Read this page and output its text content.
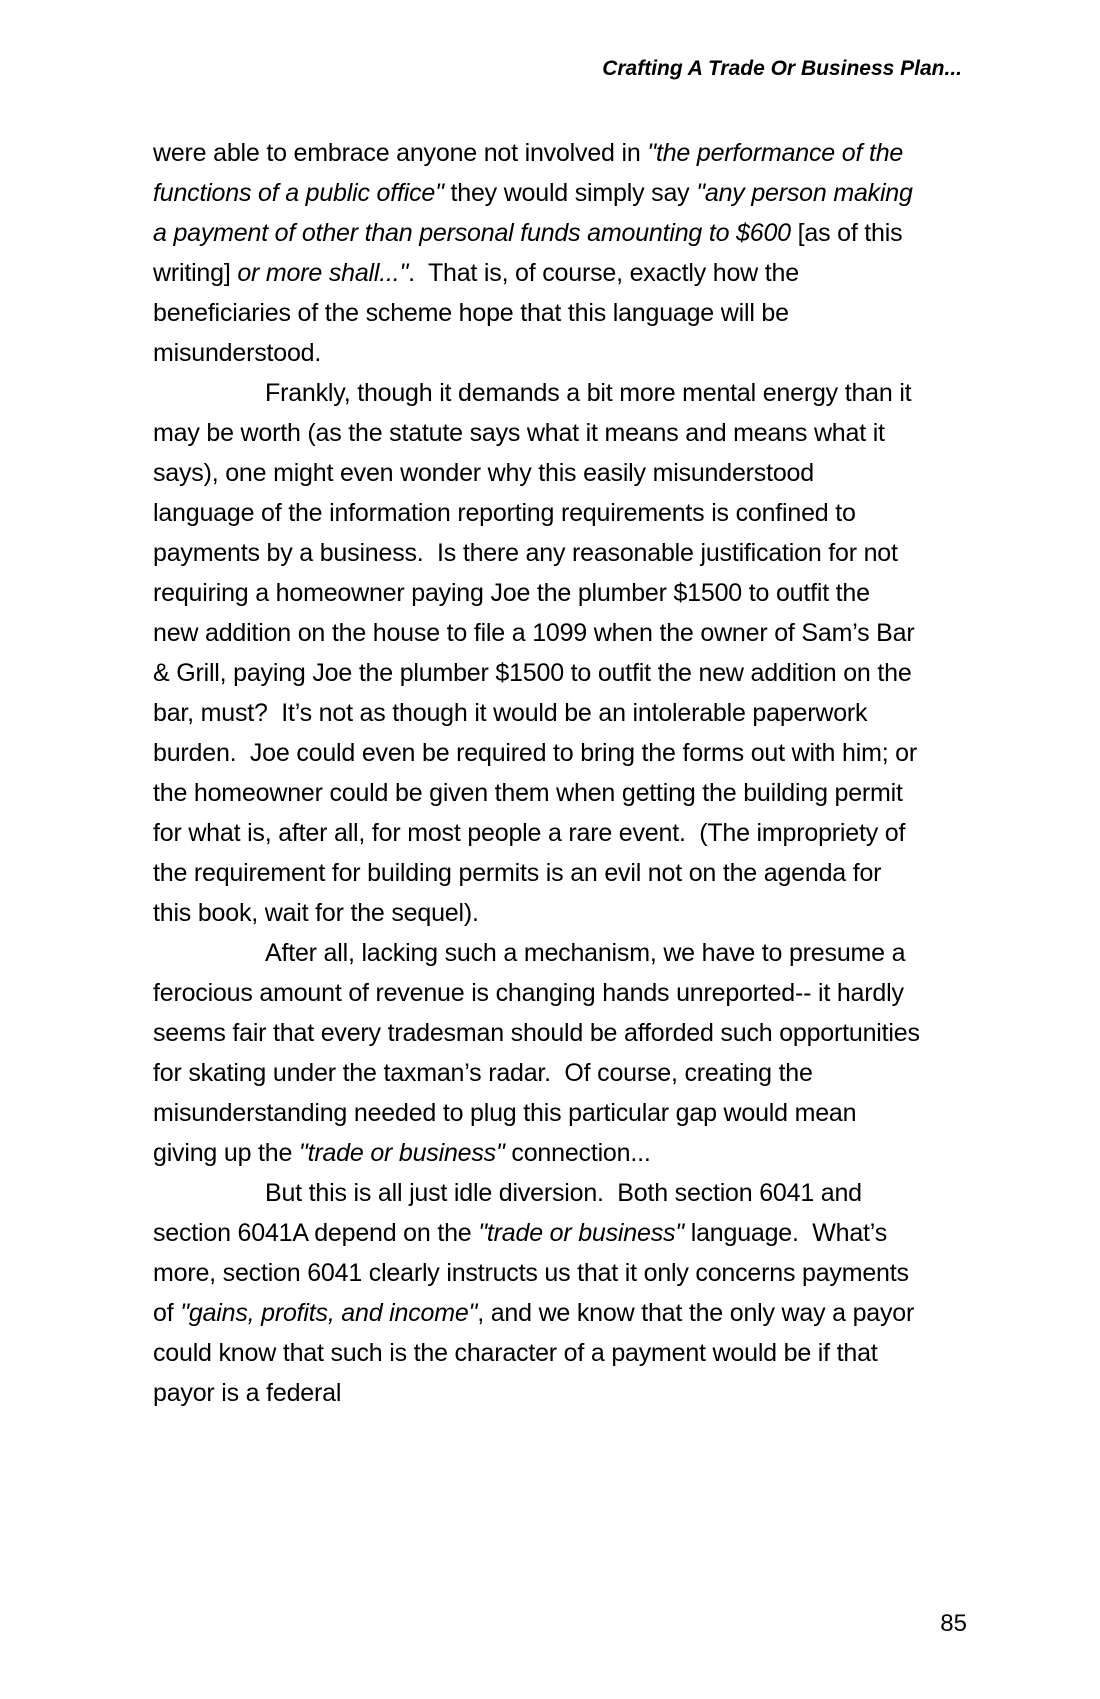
Crafting A Trade Or Business Plan...

were able to embrace anyone not involved in "the performance of the functions of a public office" they would simply say "any person making a payment of other than personal funds amounting to $600 [as of this writing] or more shall...".  That is, of course, exactly how the beneficiaries of the scheme hope that this language will be misunderstood.

Frankly, though it demands a bit more mental energy than it may be worth (as the statute says what it means and means what it says), one might even wonder why this easily misunderstood language of the information reporting requirements is confined to payments by a business.  Is there any reasonable justification for not requiring a homeowner paying Joe the plumber $1500 to outfit the new addition on the house to file a 1099 when the owner of Sam’s Bar & Grill, paying Joe the plumber $1500 to outfit the new addition on the bar, must?  It’s not as though it would be an intolerable paperwork burden.  Joe could even be required to bring the forms out with him; or the homeowner could be given them when getting the building permit for what is, after all, for most people a rare event.  (The impropriety of the requirement for building permits is an evil not on the agenda for this book, wait for the sequel).

After all, lacking such a mechanism, we have to presume a ferocious amount of revenue is changing hands unreported-- it hardly seems fair that every tradesman should be afforded such opportunities for skating under the taxman’s radar.  Of course, creating the misunderstanding needed to plug this particular gap would mean giving up the "trade or business" connection...

But this is all just idle diversion.  Both section 6041 and section 6041A depend on the "trade or business" language.  What’s more, section 6041 clearly instructs us that it only concerns payments of "gains, profits, and income", and we know that the only way a payor could know that such is the character of a payment would be if that payor is a federal

85
